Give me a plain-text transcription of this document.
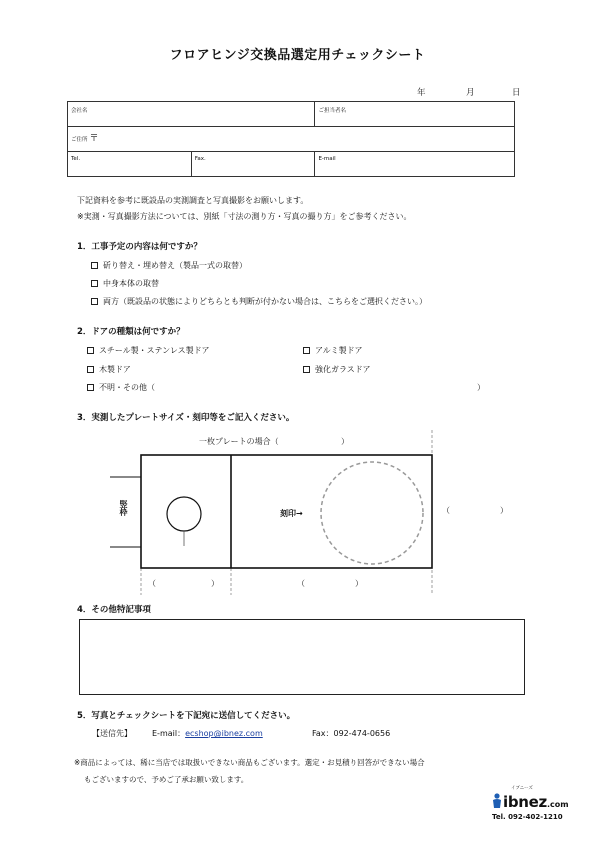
フロアヒンジ交換品選定用チェックシート
年	月	日
会社名		ご担当者名
ご住所 〒		
Tel.	Fax.	E-mail
下記資料を参考に既設品の実測調査と写真撮影をお願いします。
※実測・写真撮影方法については、別紙「寸法の測り方・写真の撮り方」をご参考ください。
1．工事予定の内容は何ですか？
斫り替え・埋め替え（製品一式の取替）
中身本体の取替
両方（既設品の状態によりどちらとも判断が付かない場合は、こちらをご選択ください。）
2．ドアの種類は何ですか？
スチール製・ステンレス製ドア	アルミ製ドア
木製ドア	強化ガラスドア
不明・その他（	）
3．実測したプレートサイズ・刻印等をご記入ください。
一枚プレートの場合（	）
竪枠	刻印→	（	）
（	）	（	）
4．その他特記事項
5．写真とチェックシートを下記宛に送信してください。
【送信先】	E-mail：ecshop@ibnez.com	Fax：092-474-0656
※商品によっては、稀に当店では取扱いできない商品もございます。選定・お見積り回答ができない場合
もございますので、予めご了承お願い致します。
イブニーズ
ibnez.com
Tel. 092-402-1210
